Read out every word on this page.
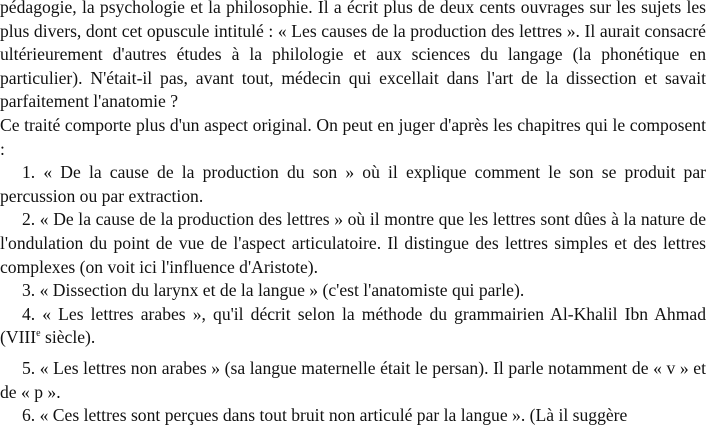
pédagogie, la psychologie et la philosophie. Il a écrit plus de deux cents ouvrages sur les sujets les plus divers, dont cet opuscule intitulé : « Les causes de la production des lettres ». Il aurait consacré ultérieurement d'autres études à la philologie et aux sciences du langage (la phonétique en particulier). N'était-il pas, avant tout, médecin qui excellait dans l'art de la dissection et savait parfaitement l'anatomie ?

Ce traité comporte plus d'un aspect original. On peut en juger d'après les chapitres qui le composent :

1. « De la cause de la production du son » où il explique comment le son se produit par percussion ou par extraction.

2. « De la cause de la production des lettres » où il montre que les lettres sont dûes à la nature de l'ondulation du point de vue de l'aspect articulatoire. Il distingue des lettres simples et des lettres complexes (on voit ici l'influence d'Aristote).

3. « Dissection du larynx et de la langue » (c'est l'anatomiste qui parle).

4. « Les lettres arabes », qu'il décrit selon la méthode du grammairien Al-Khalil Ibn Ahmad (VIIIe siècle).

5. « Les lettres non arabes » (sa langue maternelle était le persan). Il parle notamment de « v » et de « p ».

6. « Ces lettres sont perçues dans tout bruit non articulé par la langue ». (Là il suggère
